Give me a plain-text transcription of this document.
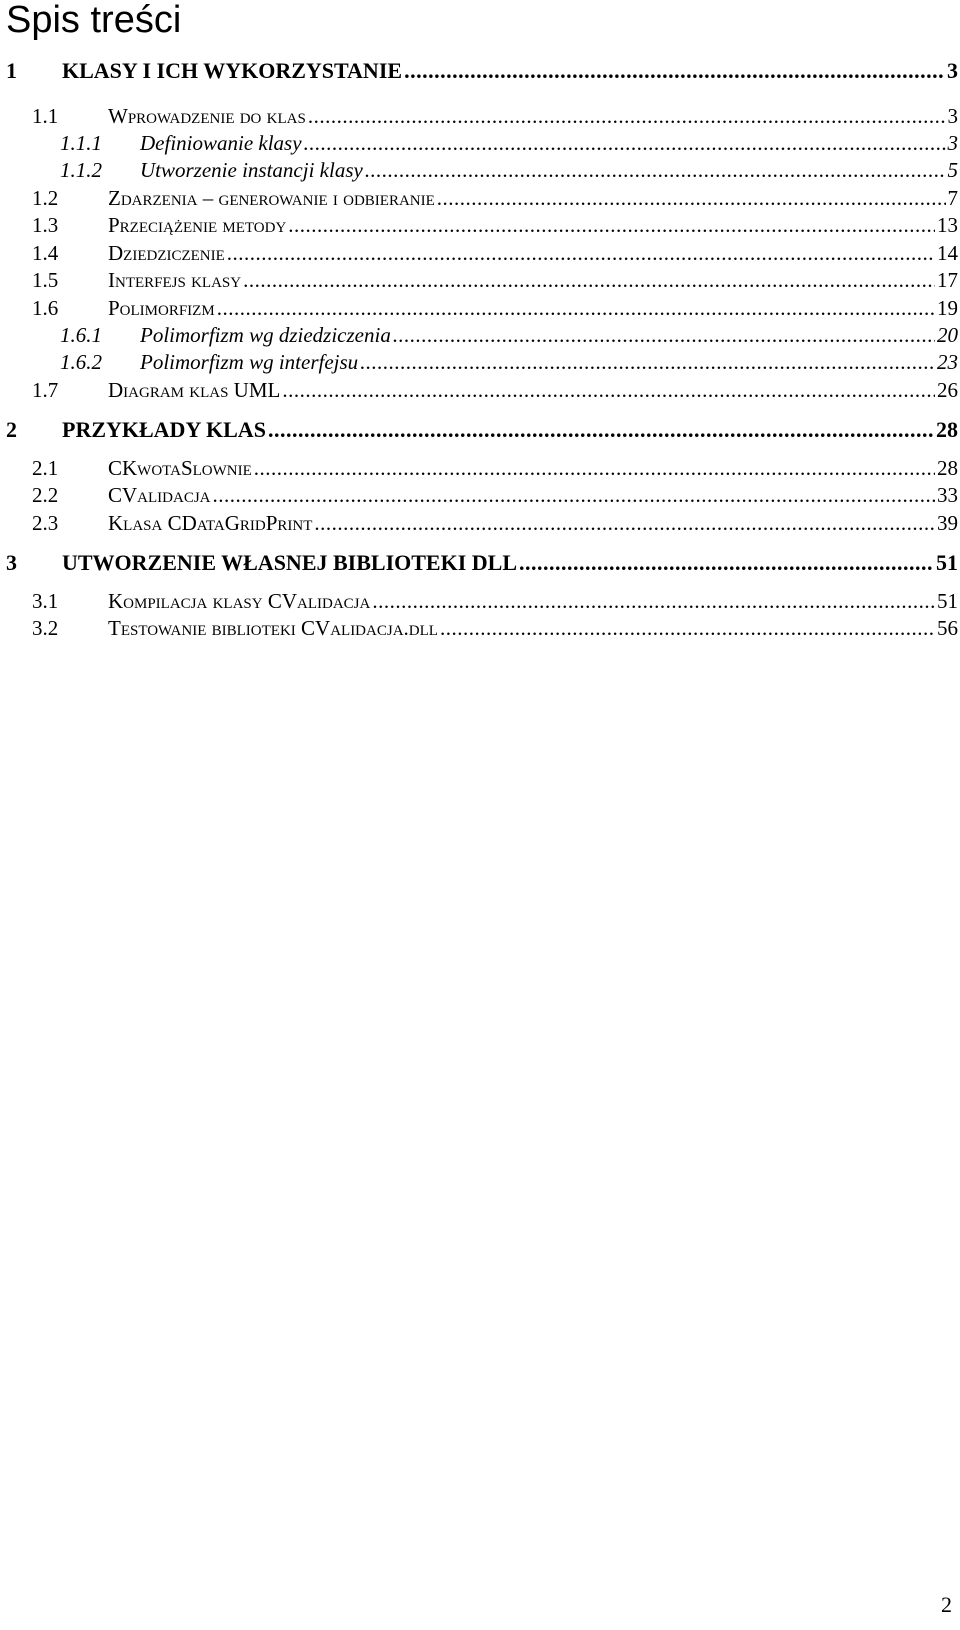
Spis treści
1	KLASY I ICH WYKORZYSTANIE .....	3
1.1	Wprowadzenie do klas .....	3
1.1.1	Definiowanie klasy .....	3
1.1.2	Utworzenie instancji klasy .....	5
1.2	Zdarzenia – generowanie i odbieranie .....	7
1.3	Przeciążenie metody .....	13
1.4	Dziedziczenie .....	14
1.5	Interfejs klasy .....	17
1.6	Polimorfizm .....	19
1.6.1	Polimorfizm wg dziedziczenia .....	20
1.6.2	Polimorfizm wg interfejsu .....	23
1.7	Diagram klas UML .....	26
2	PRZYKŁADY KLAS .....	28
2.1	CKwotaSlownie .....	28
2.2	CValidacja .....	33
2.3	Klasa CDataGridPrint .....	39
3	UTWORZENIE WŁASNEJ BIBLIOTEKI DLL .....	51
3.1	Kompilacja klasy CValidacja .....	51
3.2	Testowanie biblioteki CValidacja.dll .....	56
2
